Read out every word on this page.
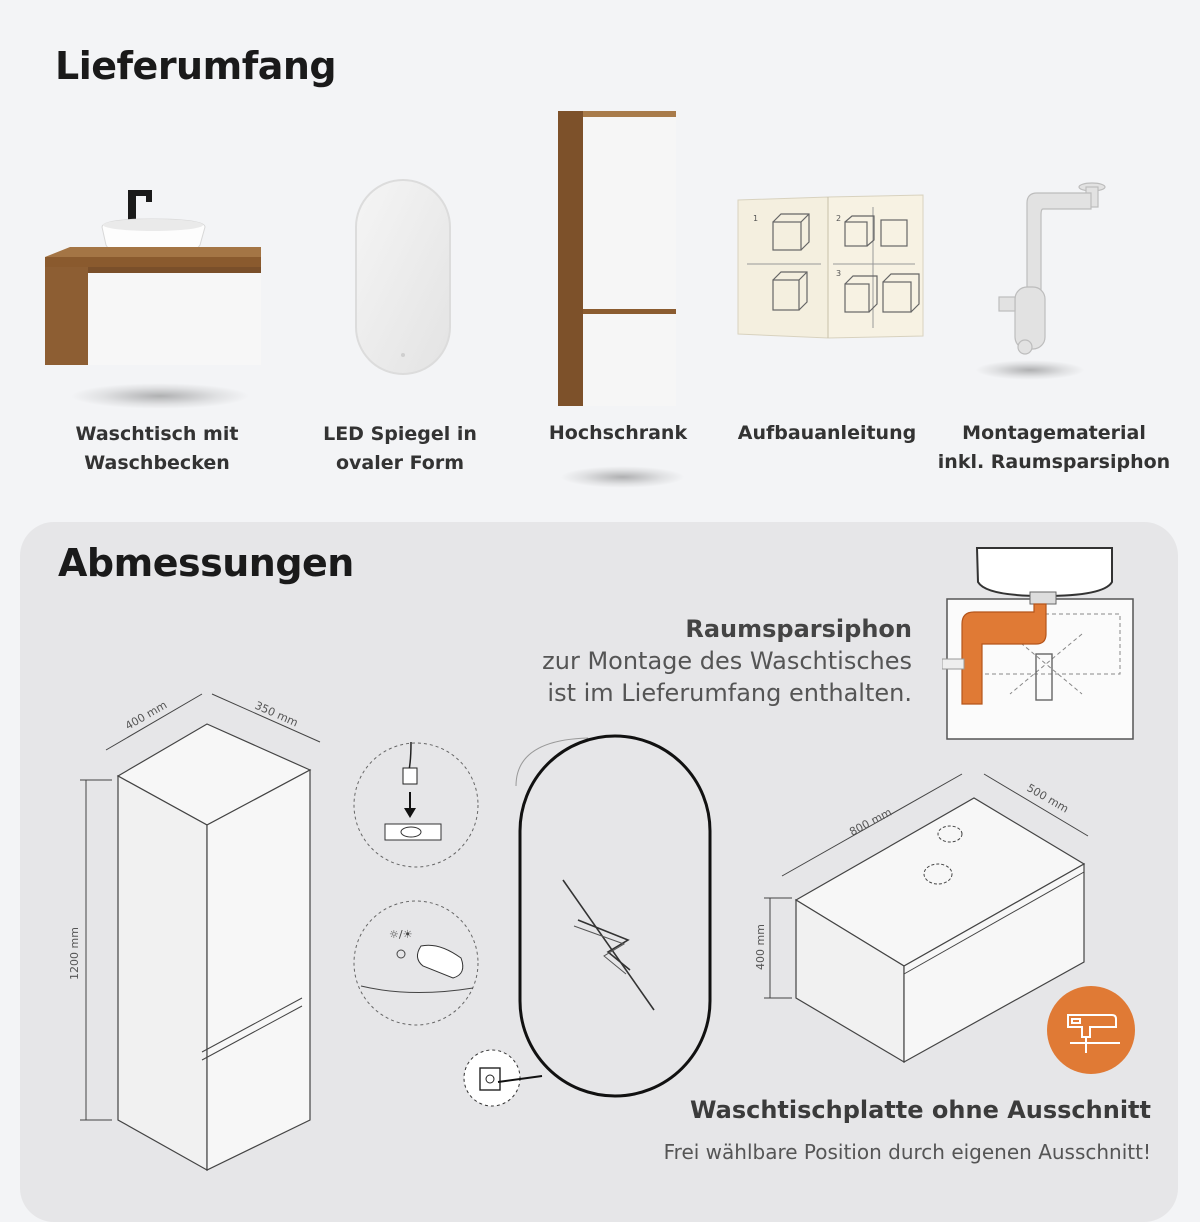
Lieferumfang
Waschtisch mit
Waschbecken
LED Spiegel in
ovaler Form
Hochschrank
1	2
3
Aufbauanleitung	Montagematerial
inkl. Raumsparsiphon
Abmessungen
Raumsparsiphon
zur Montage des Waschtisches
ist im Lieferumfang enthalten.
400 mm	350 mm
1200 mm	☼/☀
800 mm
500 mm
400 mm
Waschtischplatte ohne Ausschnitt
Frei wählbare Position durch eigenen Ausschnitt!
